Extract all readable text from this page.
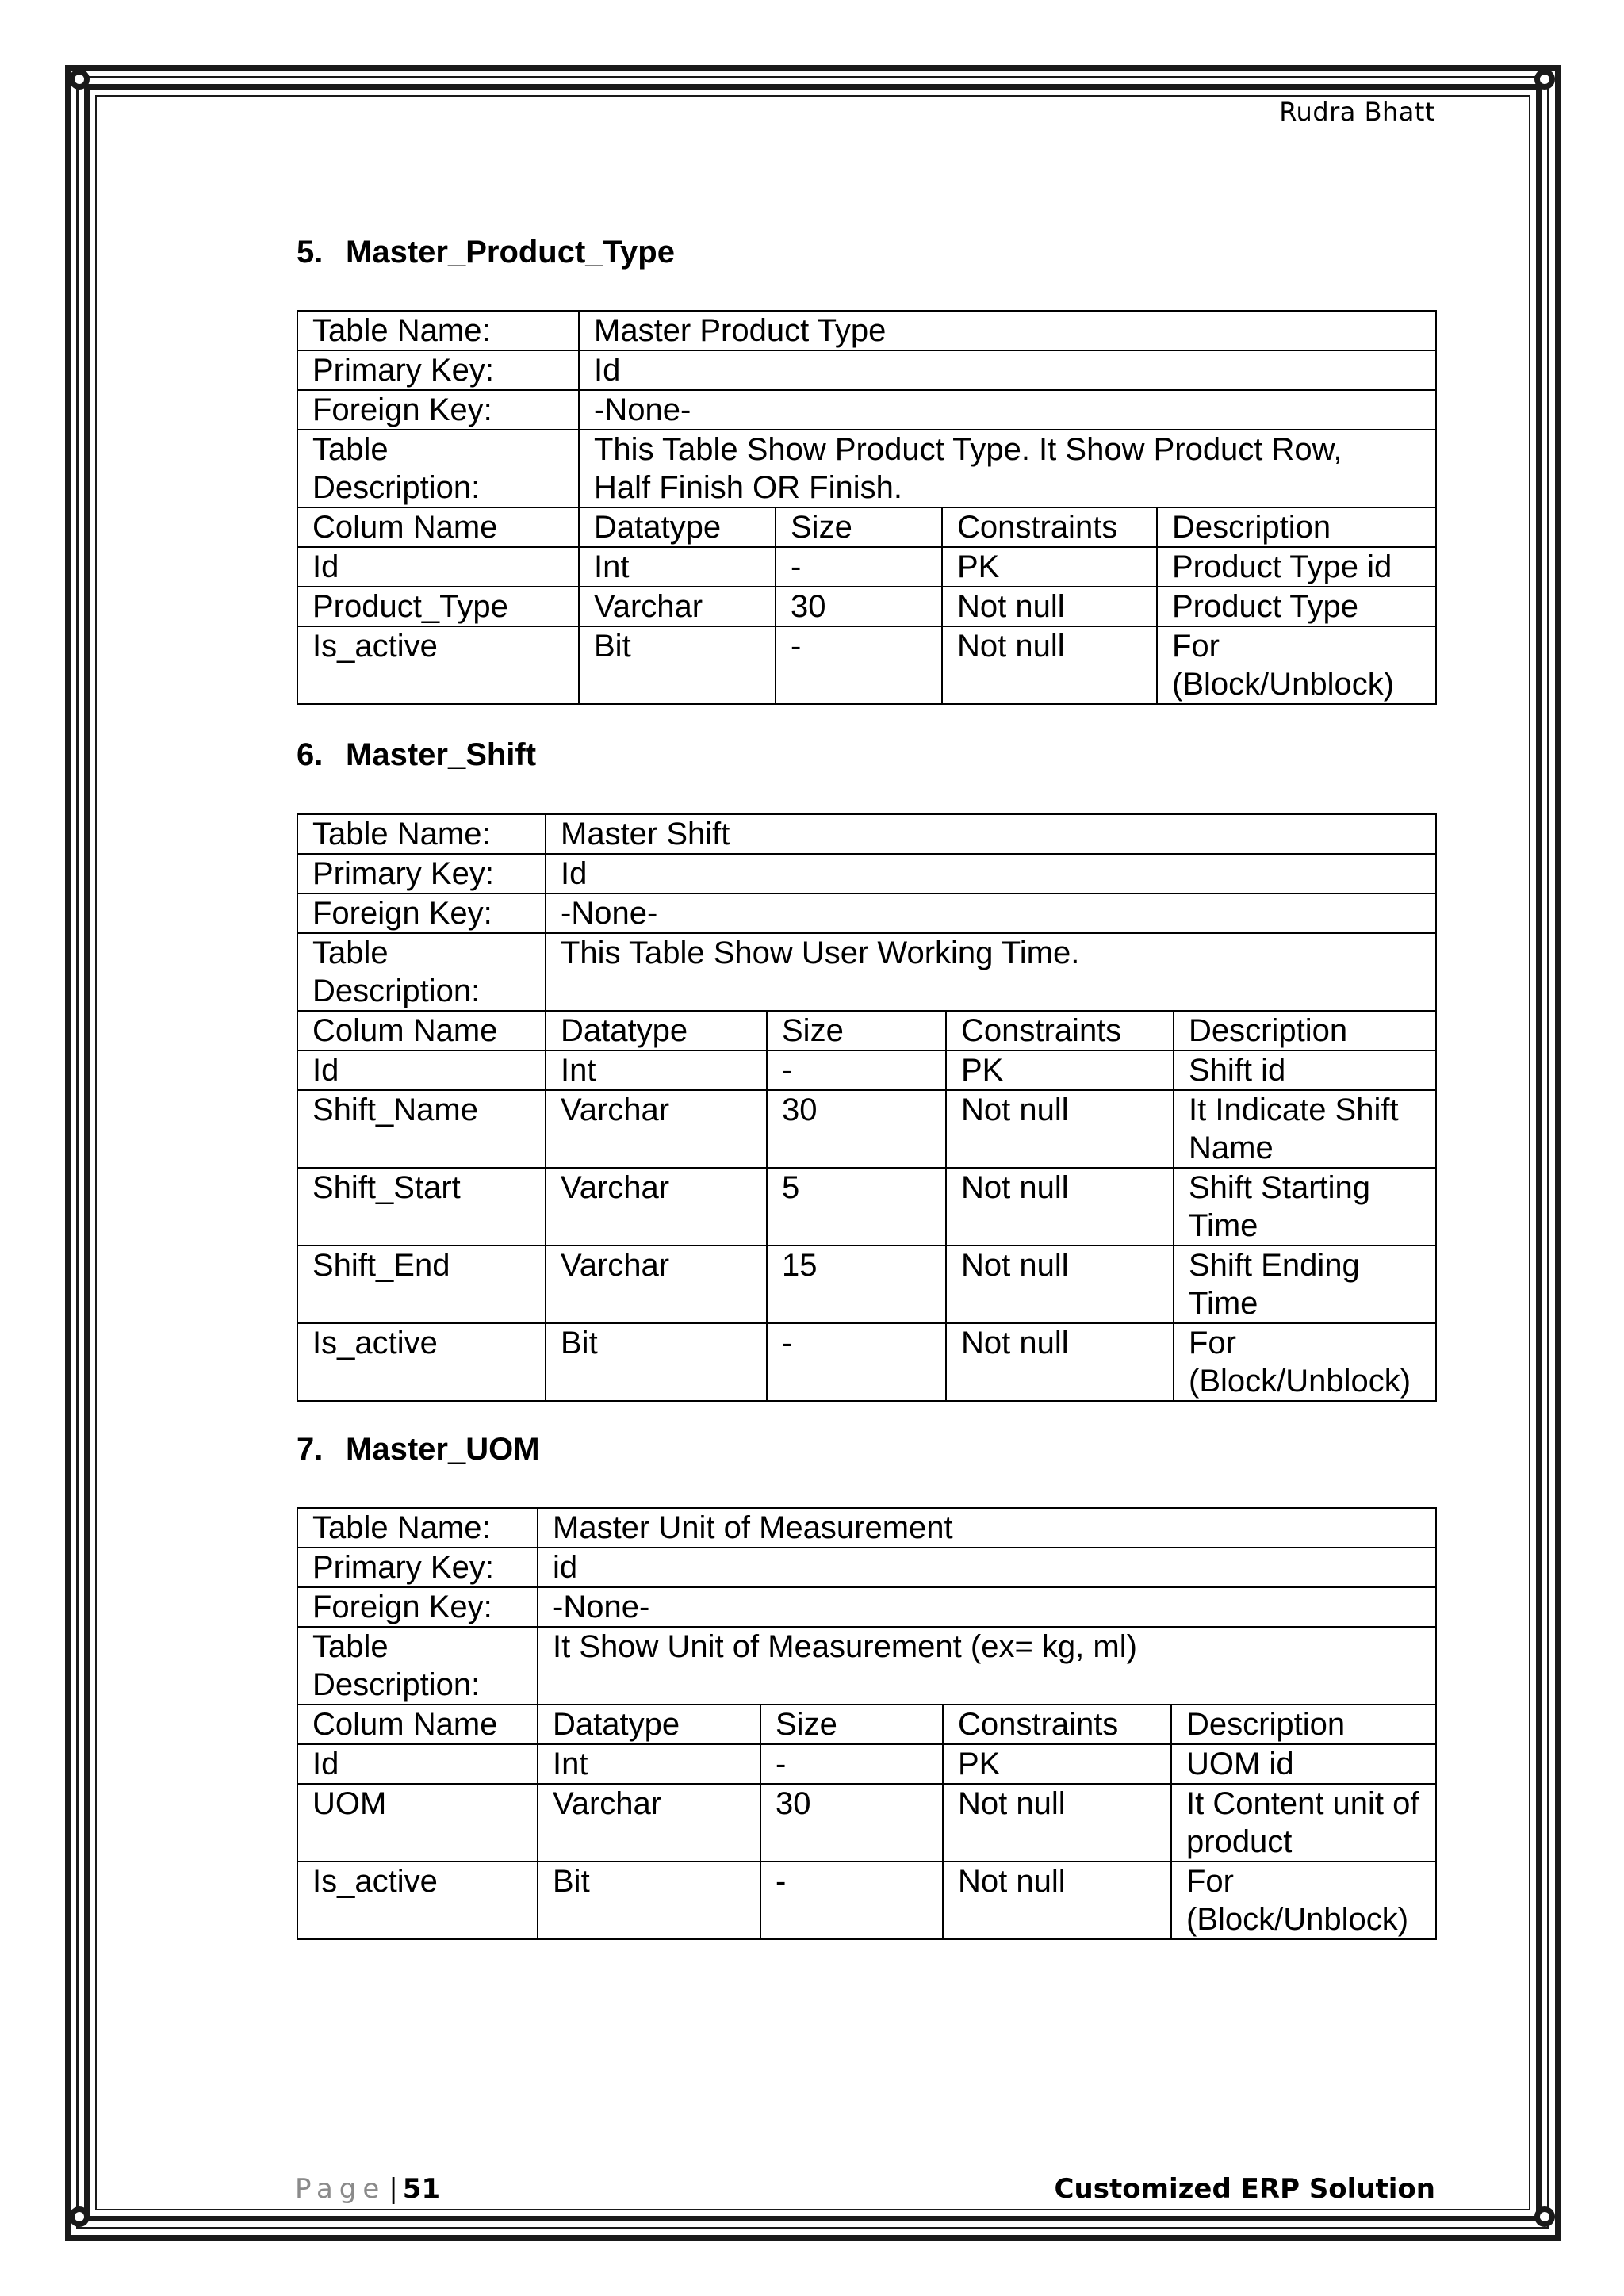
Rudra Bhatt
5. Master_Product_Type
Table Name:	Master Product Type			
Primary Key:	Id			
Foreign Key:	-None-			
Table Description:	This Table Show Product Type. It Show Product Row, Half Finish OR Finish.			
Colum Name	Datatype	Size	Constraints	Description
Id	Int	-	PK	Product Type id
Product_Type	Varchar	30	Not null	Product Type
Is_active	Bit	-	Not null	For (Block/Unblock)
6. Master_Shift
Table Name:	Master Shift			
Primary Key:	Id			
Foreign Key:	-None-			
Table Description:	This Table Show User Working Time.			
Colum Name	Datatype	Size	Constraints	Description
Id	Int	-	PK	Shift id
Shift_Name	Varchar	30	Not null	It Indicate Shift Name
Shift_Start	Varchar	5	Not null	Shift Starting Time
Shift_End	Varchar	15	Not null	Shift Ending Time
Is_active	Bit	-	Not null	For (Block/Unblock)
7. Master_UOM
Table Name:	Master Unit of Measurement			
Primary Key:	id			
Foreign Key:	-None-			
Table Description:	It Show Unit of Measurement (ex= kg, ml)			
Colum Name	Datatype	Size	Constraints	Description
Id	Int	-	PK	UOM id
UOM	Varchar	30	Not null	It Content unit of product
Is_active	Bit	-	Not null	For (Block/Unblock)
Page | 51	Customized ERP Solution
